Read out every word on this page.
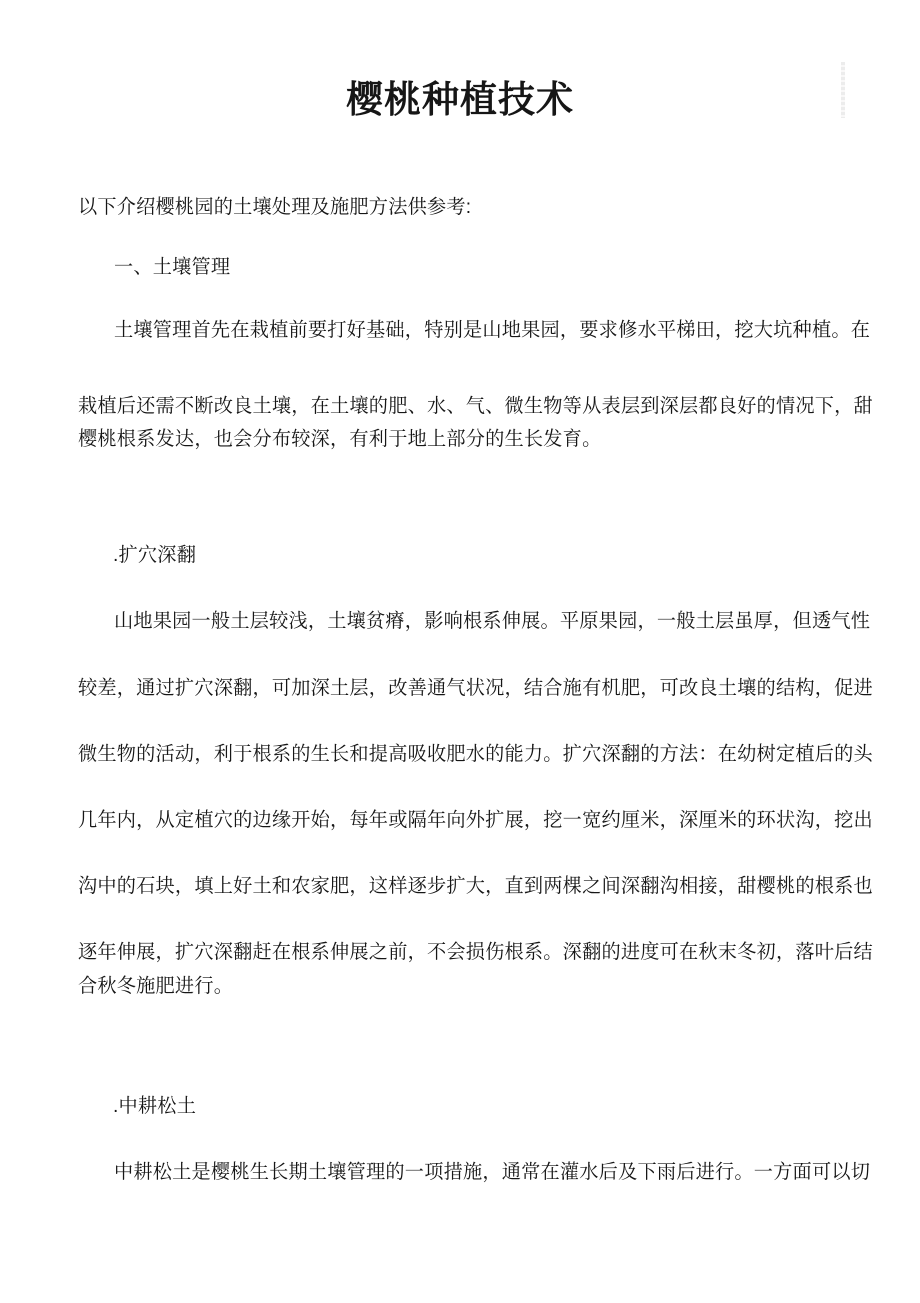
樱桃种植技术
以下介绍樱桃园的土壤处理及施肥方法供参考:
一、土壤管理
土壤管理首先在栽植前要打好基础，特别是山地果园，要求修水平梯田，挖大坑种植。在
栽植后还需不断改良土壤，在土壤的肥、水、气、微生物等从表层到深层都良好的情况下，甜
樱桃根系发达，也会分布较深，有利于地上部分的生长发育。
.扩穴深翻
山地果园一般土层较浅，土壤贫瘠，影响根系伸展。平原果园，一般土层虽厚，但透气性
较差，通过扩穴深翻，可加深土层，改善通气状况，结合施有机肥，可改良土壤的结构，促进
微生物的活动，利于根系的生长和提高吸收肥水的能力。扩穴深翻的方法：在幼树定植后的头
几年内，从定植穴的边缘开始，每年或隔年向外扩展，挖一宽约厘米，深厘米的环状沟，挖出
沟中的石块，填上好土和农家肥，这样逐步扩大，直到两棵之间深翻沟相接，甜樱桃的根系也
逐年伸展，扩穴深翻赶在根系伸展之前，不会损伤根系。深翻的进度可在秋末冬初，落叶后结
合秋冬施肥进行。
.中耕松土
中耕松土是樱桃生长期土壤管理的一项措施，通常在灌水后及下雨后进行。一方面可以切
